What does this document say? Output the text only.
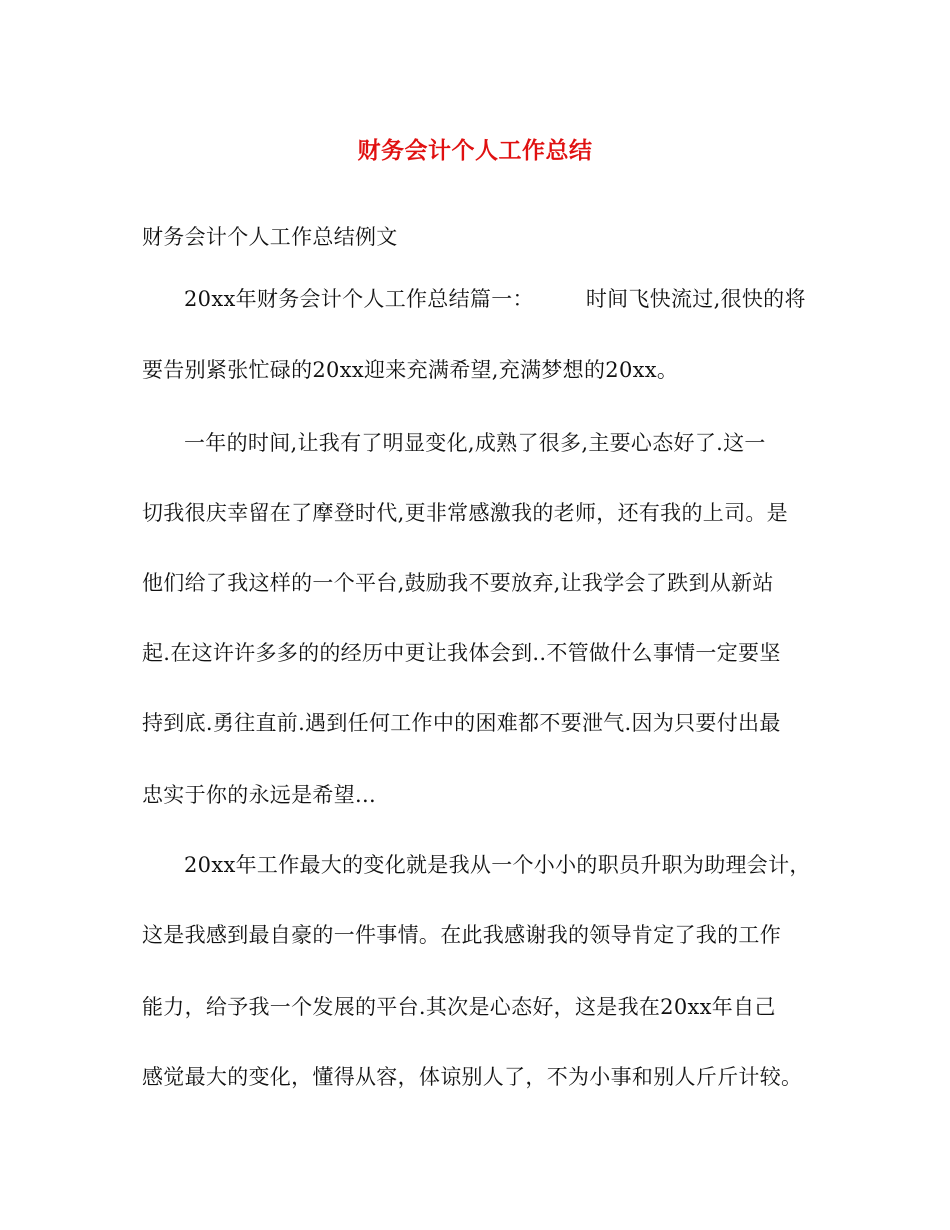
财务会计个人工作总结
财务会计个人工作总结例文
20xx年财务会计个人工作总结篇一： 时间飞快流过,很快的将
要告别紧张忙碌的20xx迎来充满希望,充满梦想的20xx。
一年的时间,让我有了明显变化,成熟了很多,主要心态好了.这一
切我很庆幸留在了摩登时代,更非常感激我的老师，还有我的上司。是
他们给了我这样的一个平台,鼓励我不要放弃,让我学会了跌到从新站
起.在这许许多多的的经历中更让我体会到..不管做什么事情一定要坚
持到底.勇往直前.遇到任何工作中的困难都不要泄气.因为只要付出最
忠实于你的永远是希望...
20xx年工作最大的变化就是我从一个小小的职员升职为助理会计，
这是我感到最自豪的一件事情。在此我感谢我的领导肯定了我的工作
能力，给予我一个发展的平台.其次是心态好，这是我在20xx年自己
感觉最大的变化，懂得从容，体谅别人了，不为小事和别人斤斤计较。
